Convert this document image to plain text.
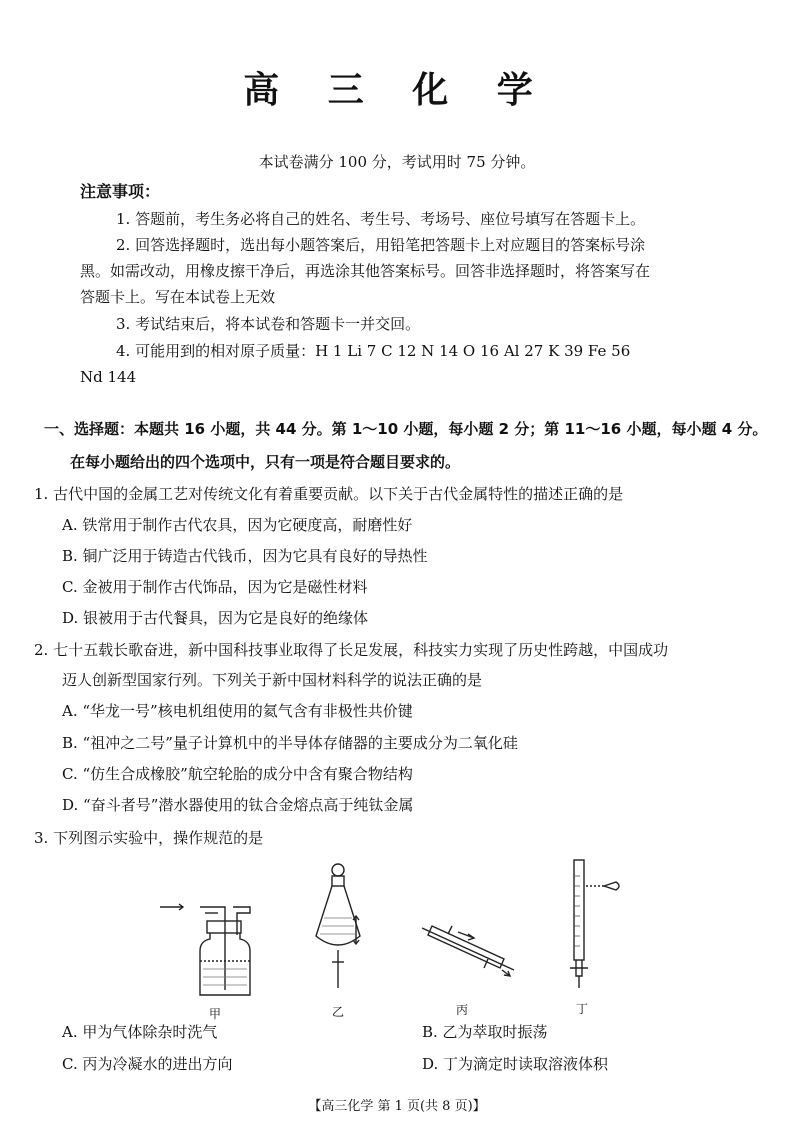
高 三 化 学
本试卷满分 100 分，考试用时 75 分钟。
注意事项：
1. 答题前，考生务必将自己的姓名、考生号、考场号、座位号填写在答题卡上。
2. 回答选择题时，选出每小题答案后，用铅笔把答题卡上对应题目的答案标号涂
黑。如需改动，用橡皮擦干净后，再选涂其他答案标号。回答非选择题时，将答案写在
答题卡上。写在本试卷上无效
3. 考试结束后，将本试卷和答题卡一并交回。
4. 可能用到的相对原子质量：H 1 Li 7 C 12 N 14 O 16 Al 27 K 39 Fe 56
Nd 144
一、选择题：本题共 16 小题，共 44 分。第 1～10 小题，每小题 2 分；第 11～16 小题，每小题 4 分。
在每小题给出的四个选项中，只有一项是符合题目要求的。
1. 古代中国的金属工艺对传统文化有着重要贡献。以下关于古代金属特性的描述正确的是
A. 铁常用于制作古代农具，因为它硬度高，耐磨性好
B. 铜广泛用于铸造古代钱币，因为它具有良好的导热性
C. 金被用于制作古代饰品，因为它是磁性材料
D. 银被用于古代餐具，因为它是良好的绝缘体
2. 七十五载长歌奋进，新中国科技事业取得了长足发展，科技实力实现了历史性跨越，中国成功
迈人创新型国家行列。下列关于新中国材料科学的说法正确的是
A. “华龙一号”核电机组使用的氦气含有非极性共价键
B. “祖冲之二号”量子计算机中的半导体存储器的主要成分为二氧化硅
C. “仿生合成橡胶”航空轮胎的成分中含有聚合物结构
D. “奋斗者号”潜水器使用的钛合金熔点高于纯钛金属
3. 下列图示实验中，操作规范的是
甲	乙	丙	丁
A. 甲为气体除杂时洗气	B. 乙为萃取时振荡
C. 丙为冷凝水的进出方向	D. 丁为滴定时读取溶液体积
【高三化学 第 1 页(共 8 页)】
